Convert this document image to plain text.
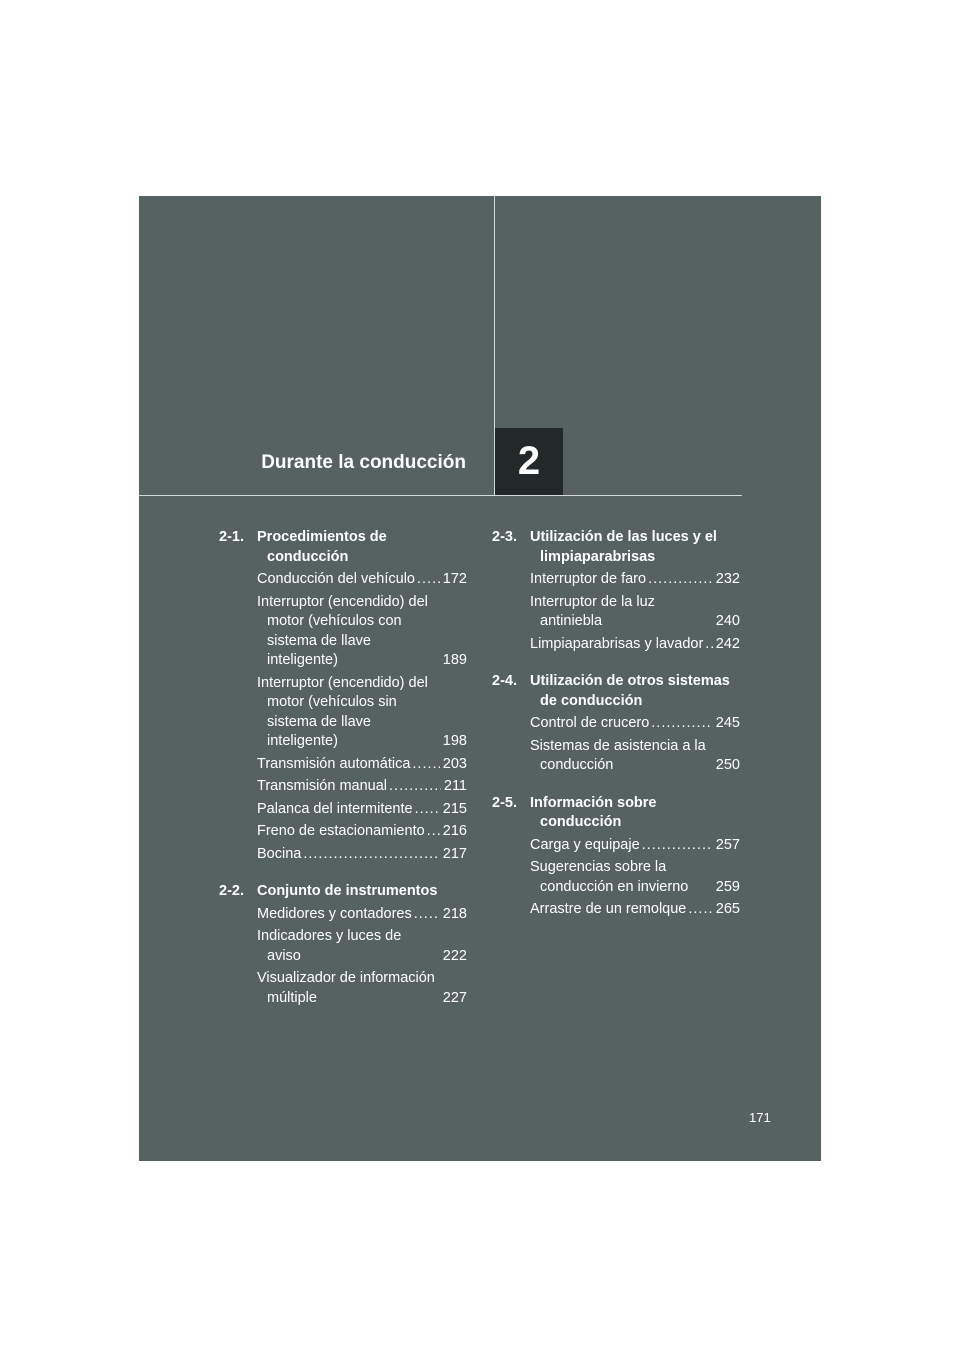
Durante la conducción 2
2-1. Procedimientos de conducción
Conducción del vehículo ..... 172
Interruptor (encendido) del motor (vehículos con sistema de llave inteligente) .....	189
Interruptor (encendido) del motor (vehículos sin sistema de llave inteligente) .....	198
Transmisión automática ..... 203
Transmisión manual .....	211
Palanca del intermitente ..... 215
Freno de estacionamiento ..... 216
Bocina .....	217
2-2. Conjunto de instrumentos
Medidores y contadores ..... 218
Indicadores y luces de aviso .....	222
Visualizador de información múltiple .....	227
2-3. Utilización de las luces y el limpiaparabrisas
Interruptor de faro .....	232
Interruptor de la luz antiniebla .....	240
Limpiaparabrisas y lavador ..... 242
2-4. Utilización de otros sistemas de conducción
Control de crucero .....	245
Sistemas de asistencia a la conducción .....	250
2-5. Información sobre conducción
Carga y equipaje .....	257
Sugerencias sobre la conducción en invierno .....	259
Arrastre de un remolque ..... 265
171
